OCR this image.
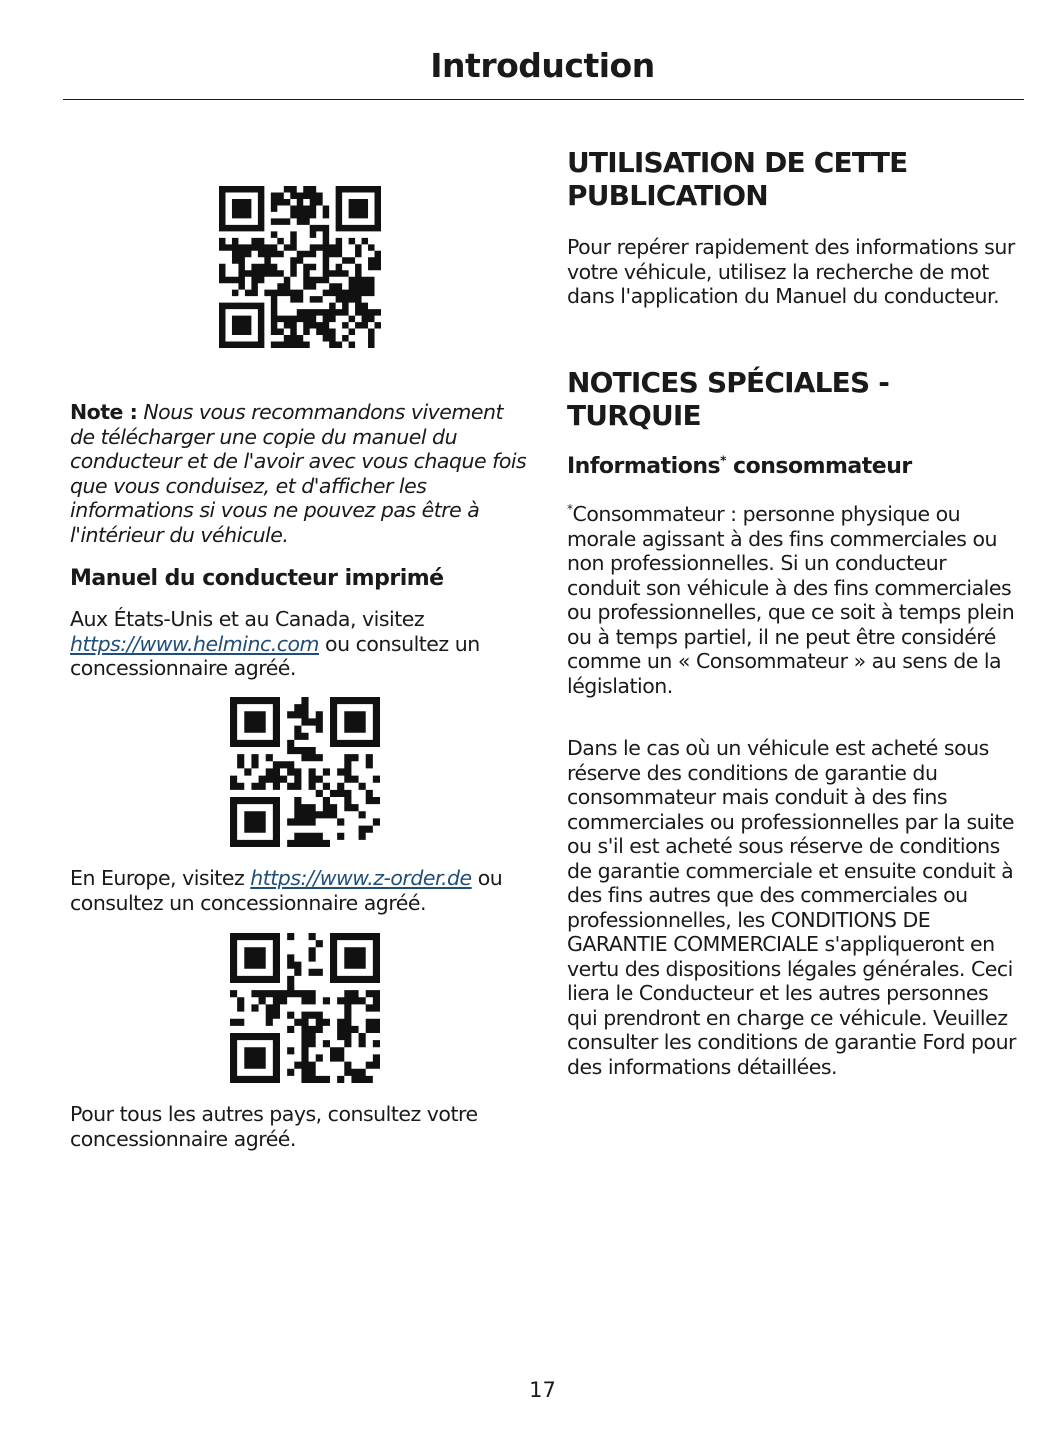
Introduction

Note : Nous vous recommandons vivement de télécharger une copie du manuel du conducteur et de l'avoir avec vous chaque fois que vous conduisez, et d'afficher les informations si vous ne pouvez pas être à l'intérieur du véhicule.

Manuel du conducteur imprimé

Aux États-Unis et au Canada, visitez https://www.helminc.com ou consultez un concessionnaire agréé.

En Europe, visitez https://www.z-order.de ou consultez un concessionnaire agréé.

Pour tous les autres pays, consultez votre concessionnaire agréé.

UTILISATION DE CETTE PUBLICATION

Pour repérer rapidement des informations sur votre véhicule, utilisez la recherche de mot dans l'application du Manuel du conducteur.

NOTICES SPÉCIALES - TURQUIE
Informations* consommateur

*Consommateur : personne physique ou morale agissant à des fins commerciales ou non professionnelles. Si un conducteur conduit son véhicule à des fins commerciales ou professionnelles, que ce soit à temps plein ou à temps partiel, il ne peut être considéré comme un « Consommateur » au sens de la législation.

Dans le cas où un véhicule est acheté sous réserve des conditions de garantie du consommateur mais conduit à des fins commerciales ou professionnelles par la suite ou s'il est acheté sous réserve de conditions de garantie commerciale et ensuite conduit à des fins autres que des commerciales ou professionnelles, les CONDITIONS DE GARANTIE COMMERCIALE s'appliqueront en vertu des dispositions légales générales. Ceci liera le Conducteur et les autres personnes qui prendront en charge ce véhicule. Veuillez consulter les conditions de garantie Ford pour des informations détaillées.

17
